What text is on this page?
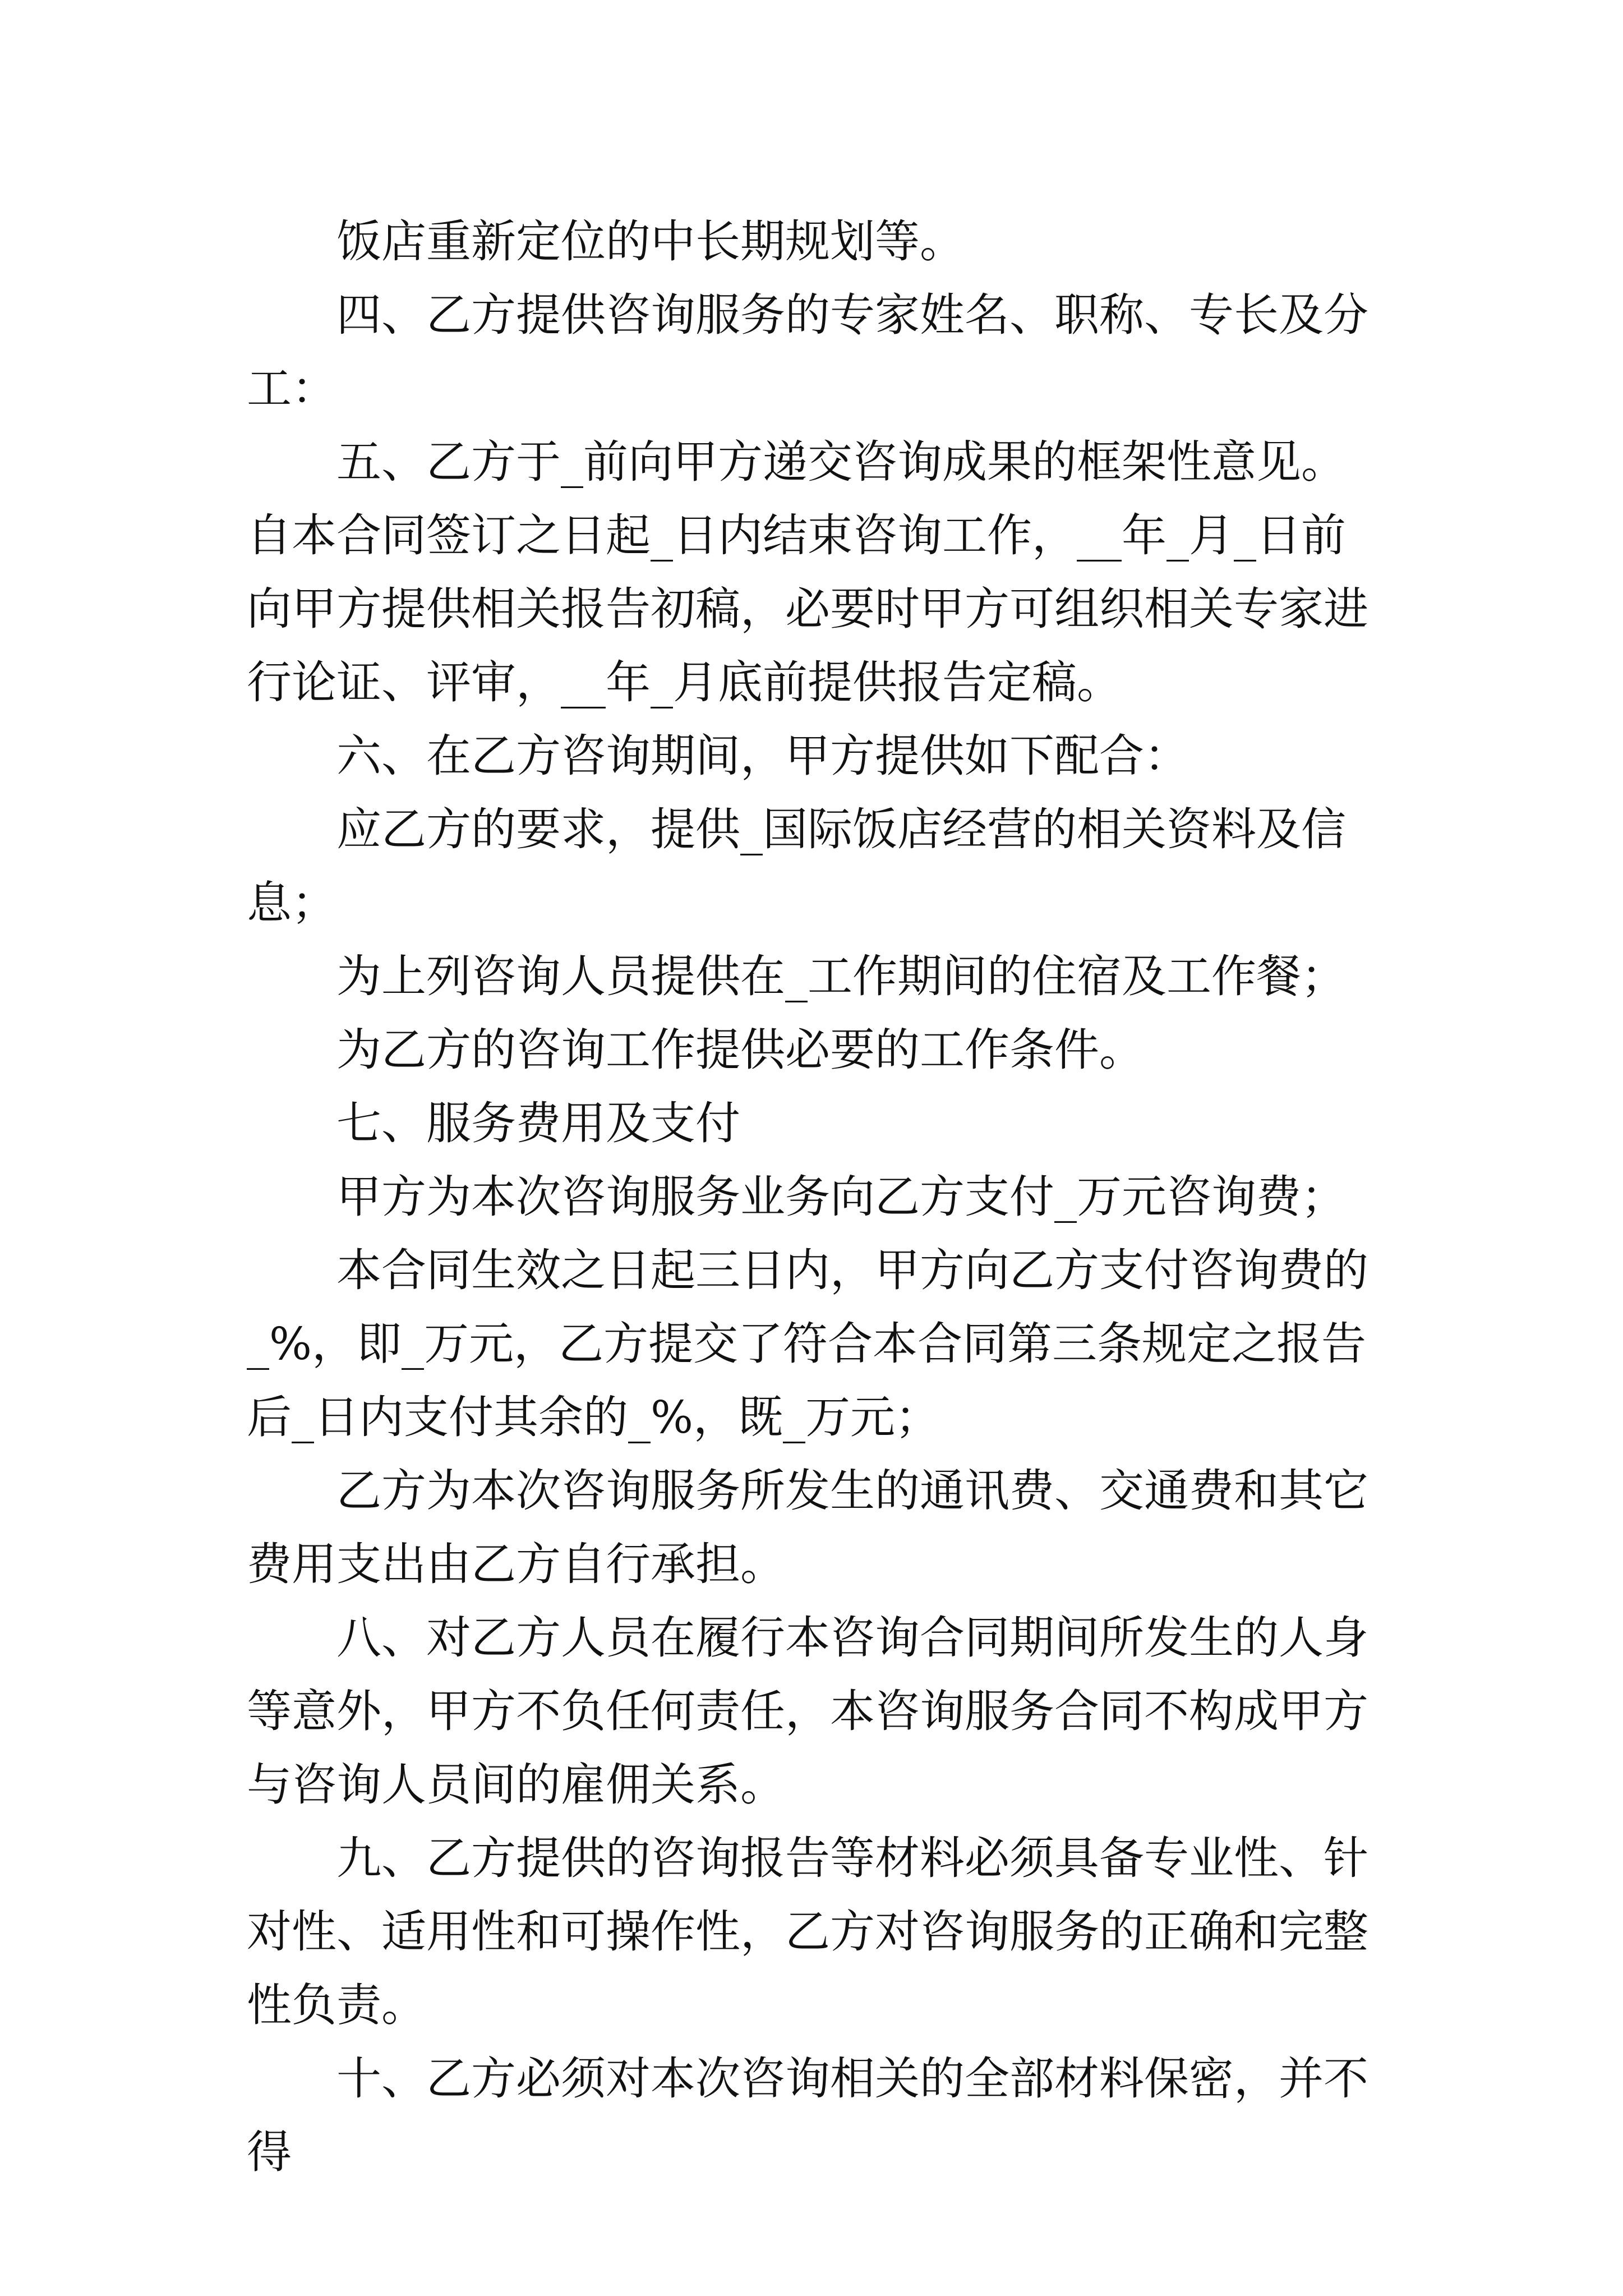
饭店重新定位的中长期规划等。

四、乙方提供咨询服务的专家姓名、职称、专长及分工：

五、乙方于_前向甲方递交咨询成果的框架性意见。自本合同签订之日起_日内结束咨询工作，__年_月_日前向甲方提供相关报告初稿，必要时甲方可组织相关专家进行论证、评审，__年_月底前提供报告定稿。

六、在乙方咨询期间，甲方提供如下配合：

应乙方的要求，提供_国际饭店经营的相关资料及信息；

为上列咨询人员提供在_工作期间的住宿及工作餐；

为乙方的咨询工作提供必要的工作条件。

七、服务费用及支付

甲方为本次咨询服务业务向乙方支付_万元咨询费；

本合同生效之日起三日内，甲方向乙方支付咨询费的_%，即_万元，乙方提交了符合本合同第三条规定之报告后_日内支付其余的_%，既_万元；

乙方为本次咨询服务所发生的通讯费、交通费和其它费用支出由乙方自行承担。

八、对乙方人员在履行本咨询合同期间所发生的人身等意外，甲方不负任何责任，本咨询服务合同不构成甲方与咨询人员间的雇佣关系。

九、乙方提供的咨询报告等材料必须具备专业性、针对性、适用性和可操作性，乙方对咨询服务的正确和完整性负责。

十、乙方必须对本次咨询相关的全部材料保密，并不得
